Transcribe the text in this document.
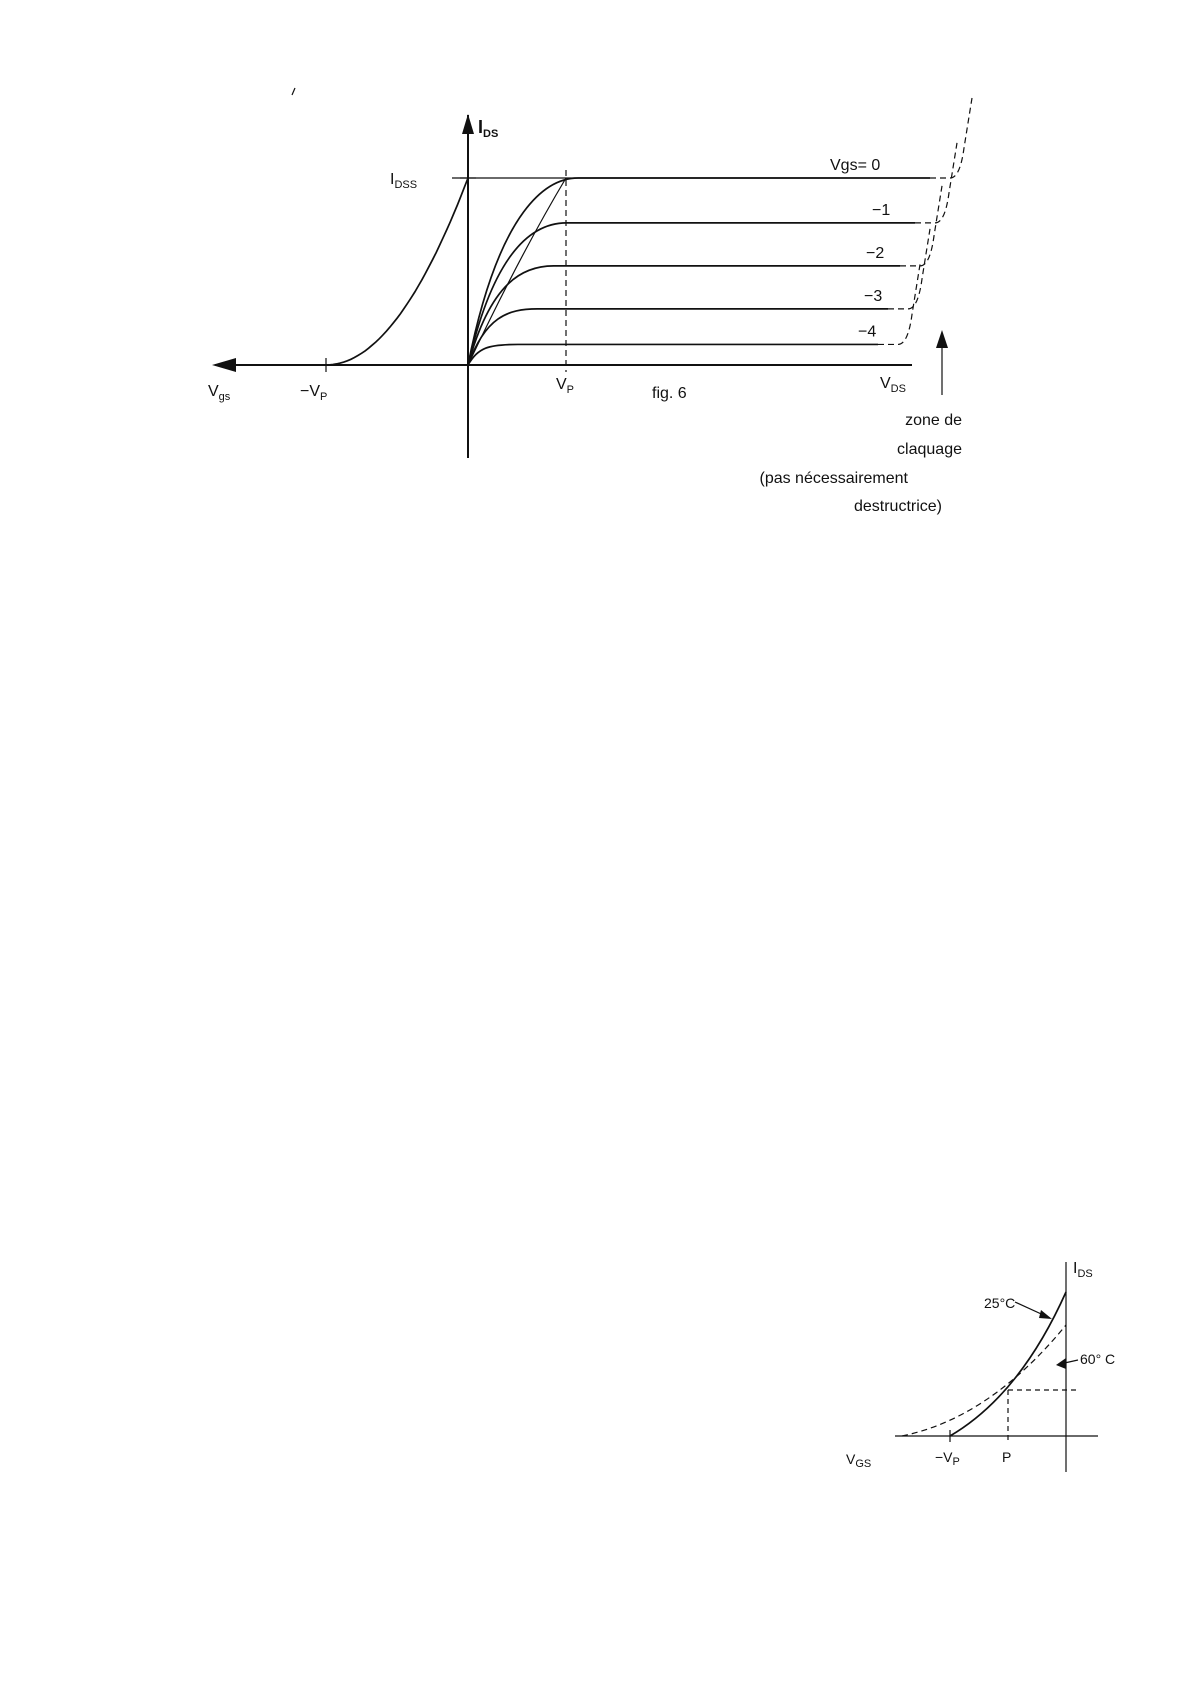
$I_{DS}$
$I_{DSS}$
$V_{gs}$	$-V_P$
$V_P$	$V_{DS}$
fig. 6
Vgs= 0
−1
−2
−3
−4
zone de
claquage
(pas nécessairement
destructrice)
$I_{DS}$
25°C
60° C
$V_{GS}$	$-V_P$	P
